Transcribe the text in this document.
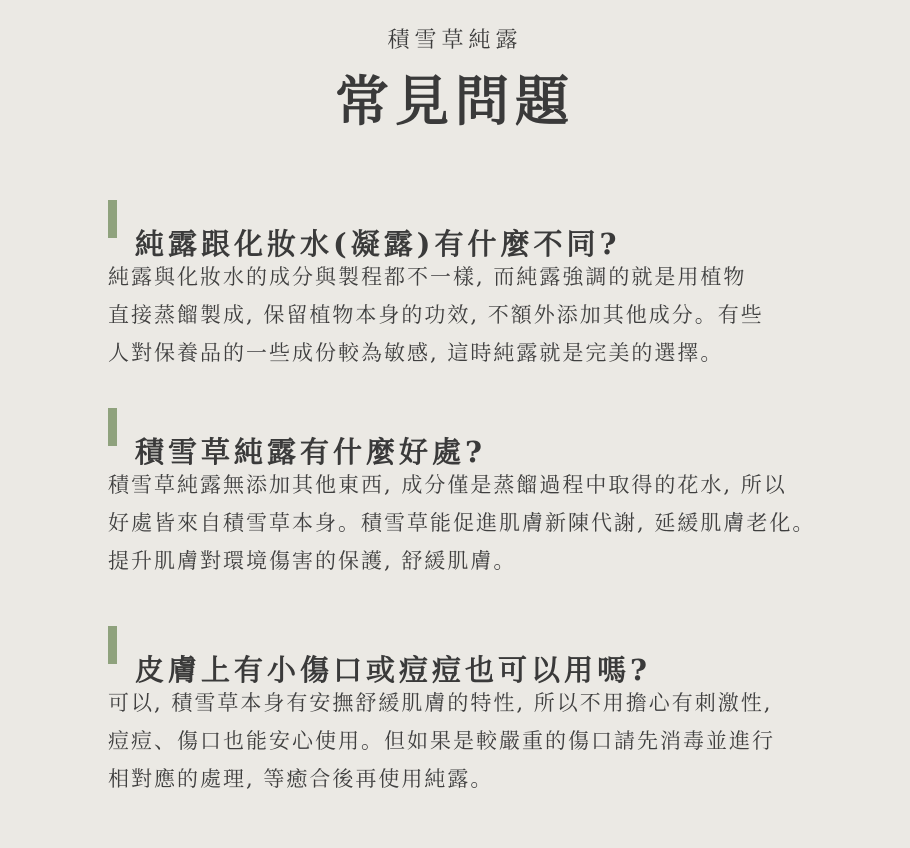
積雪草純露
常見問題
純露跟化妝水(凝露)有什麼不同?

純露與化妝水的成分與製程都不一樣, 而純露強調的就是用植物
直接蒸餾製成, 保留植物本身的功效, 不額外添加其他成分。有些
人對保養品的一些成份較為敏感, 這時純露就是完美的選擇。

積雪草純露有什麼好處?

積雪草純露無添加其他東西, 成分僅是蒸餾過程中取得的花水, 所以
好處皆來自積雪草本身。積雪草能促進肌膚新陳代謝, 延緩肌膚老化。
提升肌膚對環境傷害的保護, 舒緩肌膚。

皮膚上有小傷口或痘痘也可以用嗎?

可以, 積雪草本身有安撫舒緩肌膚的特性, 所以不用擔心有刺激性,
痘痘、傷口也能安心使用。但如果是較嚴重的傷口請先消毒並進行
相對應的處理, 等癒合後再使用純露。
